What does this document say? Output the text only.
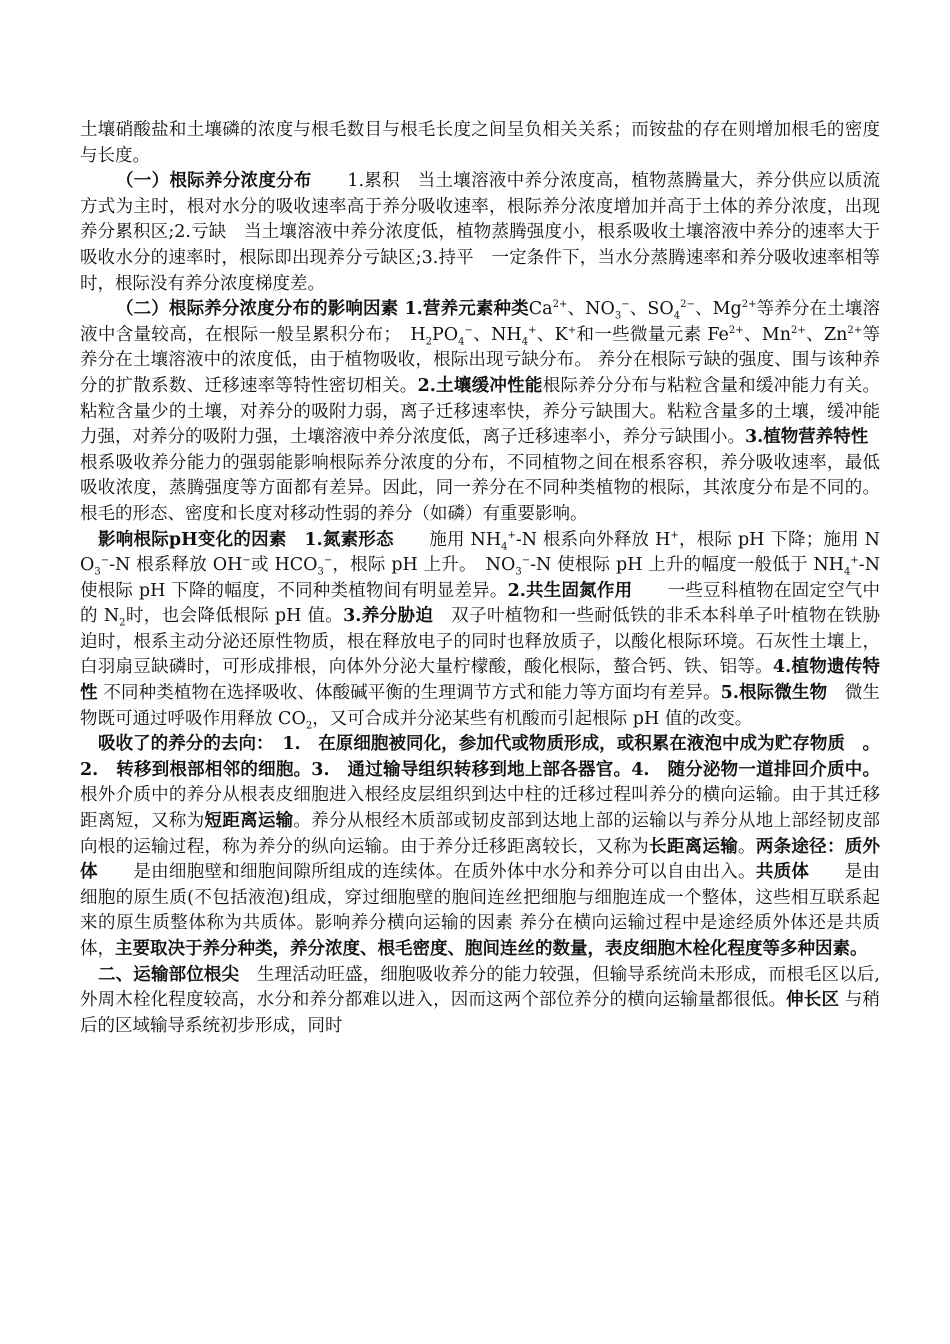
土壤硝酸盐和土壤磷的浓度与根毛数目与根毛长度之间呈负相关关系；而铵盐的存在则增加根毛的密度与长度。

（一）根际养分浓度分布　　1.累积　当土壤溶液中养分浓度高，植物蒸腾量大，养分供应以质流方式为主时，根对水分的吸收速率高于养分吸收速率，根际养分浓度增加并高于土体的养分浓度，出现养分累积区;2.亏缺　当土壤溶液中养分浓度低，植物蒸腾强度小，根系吸收土壤溶液中养分的速率大于吸收水分的速率时，根际即出现养分亏缺区;3.持平　一定条件下，当水分蒸腾速率和养分吸收速率相等时，根际没有养分浓度梯度差。

（二）根际养分浓度分布的影响因素 1.营养元素种类$Ca^{2+}$、$NO_3^-$、$SO_4^{2-}$、$Mg^{2+}$等养分在土壤溶液中含量较高，在根际一般呈累积分布；　$H_2PO_4^-$、$NH_4^+$、K+和一些微量元素 $Fe^{2+}$、$Mn^{2+}$、$Zn^{2+}$等养分在土壤溶液中的浓度低，由于植物吸收，根际出现亏缺分布。 养分在根际亏缺的强度、围与该种养分的扩散系数、迁移速率等特性密切相关。2.土壤缓冲性能根际养分分布与粘粒含量和缓冲能力有关。粘粒含量少的土壤，对养分的吸附力弱，离子迁移速率快，养分亏缺围大。粘粒含量多的土壤，缓冲能力强，对养分的吸附力强，土壤溶液中养分浓度低，离子迁移速率小，养分亏缺围小。3.植物营养特性　根系吸收养分能力的强弱能影响根际养分浓度的分布，不同植物之间在根系容积，养分吸收速率，最低吸收浓度，蒸腾强度等方面都有差异。因此，同一养分在不同种类植物的根际，其浓度分布是不同的。根毛的形态、密度和长度对移动性弱的养分（如磷）有重要影响。

影响根际pH变化的因素　1.氮素形态　　施用 $NH_4^+-N$ 根系向外释放 H+，根际 pH 下降；施用 $NO_3^--N$ 根系释放 OH−或 $HCO_3^-$，根际 pH 上升。　$NO_3^--N$ 使根际 pH 上升的幅度一般低于 $NH_4^+-N$ 使根际 pH 下降的幅度，不同种类植物间有明显差异。2.共生固氮作用　　一些豆科植物在固定空气中的 $N_2$时，也会降低根际 pH 值。3.养分胁迫　双子叶植物和一些耐低铁的非禾本科单子叶植物在铁胁迫时，根系主动分泌还原性物质，根在释放电子的同时也释放质子，以酸化根际环境。石灰性土壤上，白羽扇豆缺磷时，可形成排根，向体外分泌大量柠檬酸，酸化根际，螯合钙、铁、铝等。4.植物遗传特性 不同种类植物在选择吸收、体酸碱平衡的生理调节方式和能力等方面均有差异。5.根际微生物　微生物既可通过呼吸作用释放 $CO_2$，又可合成并分泌某些有机酸而引起根际 pH 值的改变。

吸收了的养分的去向：　1.　在原细胞被同化，参加代或物质形成，或积累在液泡中成为贮存物质　。2.　转移到根部相邻的细胞。3.　通过输导组织转移到地上部各器官。4.　随分泌物一道排回介质中。根外介质中的养分从根表皮细胞进入根经皮层组织到达中柱的迁移过程叫养分的横向运输。由于其迁移距离短，又称为短距离运输。养分从根经木质部或韧皮部到达地上部的运输以与养分从地上部经韧皮部向根的运输过程，称为养分的纵向运输。由于养分迁移距离较长，又称为长距离运输。两条途径：质外体　　是由细胞壁和细胞间隙所组成的连续体。在质外体中水分和养分可以自由出入。共质体　　是由细胞的原生质(不包括液泡)组成，穿过细胞壁的胞间连丝把细胞与细胞连成一个整体，这些相互联系起来的原生质整体称为共质体。影响养分横向运输的因素 养分在横向运输过程中是途经质外体还是共质体，主要取决于养分种类，养分浓度、根毛密度、胞间连丝的数量，表皮细胞木栓化程度等多种因素。

二、运输部位根尖　生理活动旺盛，细胞吸收养分的能力较强，但输导系统尚未形成，而根毛区以后,外周木栓化程度较高，水分和养分都难以进入，因而这两个部位养分的横向运输量都很低。伸长区 与稍后的区域输导系统初步形成，同时
